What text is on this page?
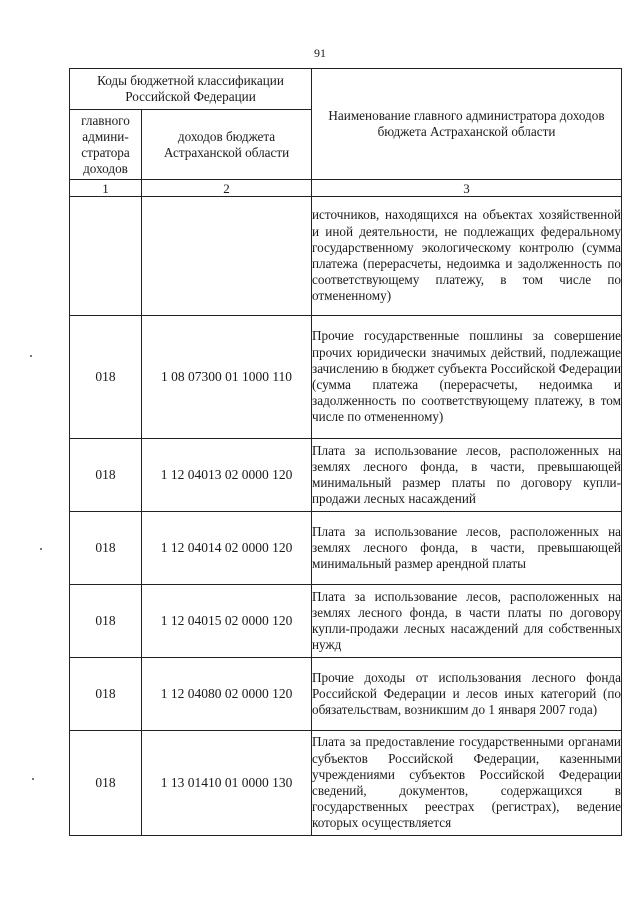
91
Коды бюджетной классификации Российской Федерации		Наименование главного администратора доходов бюджета Астраханской области
главного админи-стратора доходов	доходов бюджета Астраханской области	
1	2	3
		источников, находящихся на объектах хозяйственной и иной деятельности, не подлежащих федеральному государственному экологическому контролю (сумма платежа (перерасчеты, недоимка и задолженность по соответствующему платежу, в том числе по отмененному)
018	1 08 07300 01 1000 110	Прочие государственные пошлины за совершение прочих юридически значимых действий, подлежащие зачислению в бюджет субъекта Российской Федерации (сумма платежа (перерасчеты, недоимка и задолженность по соответствующему платежу, в том числе по отмененному)
018	1 12 04013 02 0000 120	Плата за использование лесов, расположенных на землях лесного фонда, в части, превышающей минимальный размер платы по договору купли-продажи лесных насаждений
018	1 12 04014 02 0000 120	Плата за использование лесов, расположенных на землях лесного фонда, в части, превышающей минимальный размер арендной платы
018	1 12 04015 02 0000 120	Плата за использование лесов, расположенных на землях лесного фонда, в части платы по договору купли-продажи лесных насаждений для собственных нужд
018	1 12 04080 02 0000 120	Прочие доходы от использования лесного фонда Российской Федерации и лесов иных категорий (по обязательствам, возникшим до 1 января 2007 года)
018	1 13 01410 01 0000 130	Плата за предоставление государственными органами субъектов Российской Федерации, казенными учреждениями субъектов Российской Федерации сведений, документов, содержащихся в государственных реестрах (регистрах), ведение которых осуществляется
